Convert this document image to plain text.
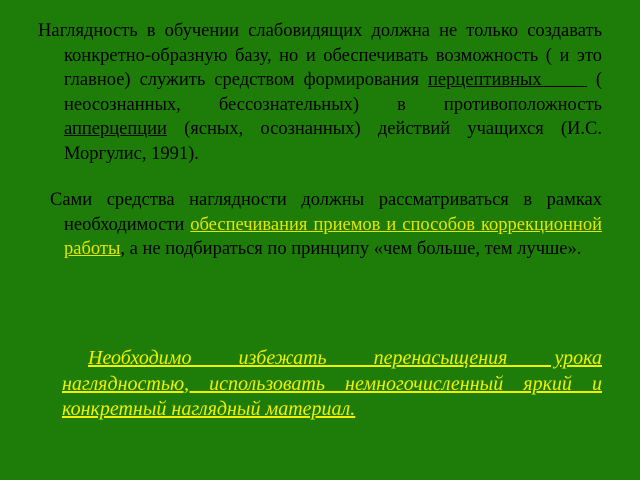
Наглядность в обучении слабовидящих должна не только создавать конкретно-образную базу, но и обеспечивать возможность ( и это главное) служить средством формирования перцептивных      ( неосознанных, бессознательных) в противоположность апперцепции (ясных, осознанных) действий учащихся (И.С. Моргулис, 1991).

Сами средства наглядности должны рассматриваться в рамках необходимости обеспечивания приемов и способов коррекционной работы, а не подбираться по принципу «чем больше, тем лучше».

Необходимо избежать перенасыщения урока наглядностью, использовать немногочисленный яркий и конкретный наглядный материал.
